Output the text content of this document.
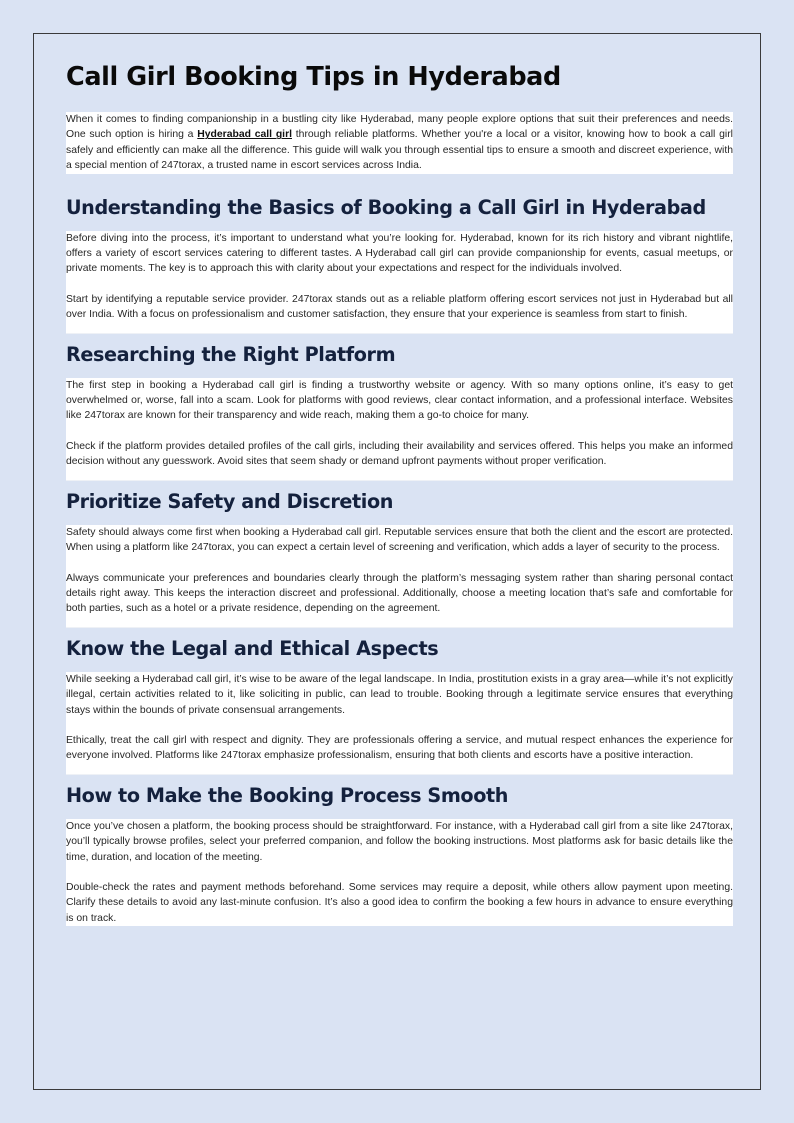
Call Girl Booking Tips in Hyderabad

When it comes to finding companionship in a bustling city like Hyderabad, many people explore options that suit their preferences and needs. One such option is hiring a Hyderabad call girl through reliable platforms. Whether you're a local or a visitor, knowing how to book a call girl safely and efficiently can make all the difference. This guide will walk you through essential tips to ensure a smooth and discreet experience, with a special mention of 247torax, a trusted name in escort services across India.

Understanding the Basics of Booking a Call Girl in Hyderabad

Before diving into the process, it’s important to understand what you’re looking for. Hyderabad, known for its rich history and vibrant nightlife, offers a variety of escort services catering to different tastes. A Hyderabad call girl can provide companionship for events, casual meetups, or private moments. The key is to approach this with clarity about your expectations and respect for the individuals involved.

Start by identifying a reputable service provider. 247torax stands out as a reliable platform offering escort services not just in Hyderabad but all over India. With a focus on professionalism and customer satisfaction, they ensure that your experience is seamless from start to finish.

Researching the Right Platform

The first step in booking a Hyderabad call girl is finding a trustworthy website or agency. With so many options online, it’s easy to get overwhelmed or, worse, fall into a scam. Look for platforms with good reviews, clear contact information, and a professional interface. Websites like 247torax are known for their transparency and wide reach, making them a go-to choice for many.

Check if the platform provides detailed profiles of the call girls, including their availability and services offered. This helps you make an informed decision without any guesswork. Avoid sites that seem shady or demand upfront payments without proper verification.

Prioritize Safety and Discretion

Safety should always come first when booking a Hyderabad call girl. Reputable services ensure that both the client and the escort are protected. When using a platform like 247torax, you can expect a certain level of screening and verification, which adds a layer of security to the process.

Always communicate your preferences and boundaries clearly through the platform’s messaging system rather than sharing personal contact details right away. This keeps the interaction discreet and professional. Additionally, choose a meeting location that’s safe and comfortable for both parties, such as a hotel or a private residence, depending on the agreement.

Know the Legal and Ethical Aspects

While seeking a Hyderabad call girl, it’s wise to be aware of the legal landscape. In India, prostitution exists in a gray area—while it’s not explicitly illegal, certain activities related to it, like soliciting in public, can lead to trouble. Booking through a legitimate service ensures that everything stays within the bounds of private consensual arrangements.

Ethically, treat the call girl with respect and dignity. They are professionals offering a service, and mutual respect enhances the experience for everyone involved. Platforms like 247torax emphasize professionalism, ensuring that both clients and escorts have a positive interaction.

How to Make the Booking Process Smooth

Once you’ve chosen a platform, the booking process should be straightforward. For instance, with a Hyderabad call girl from a site like 247torax, you’ll typically browse profiles, select your preferred companion, and follow the booking instructions. Most platforms ask for basic details like the time, duration, and location of the meeting.

Double-check the rates and payment methods beforehand. Some services may require a deposit, while others allow payment upon meeting. Clarify these details to avoid any last-minute confusion. It’s also a good idea to confirm the booking a few hours in advance to ensure everything is on track.
